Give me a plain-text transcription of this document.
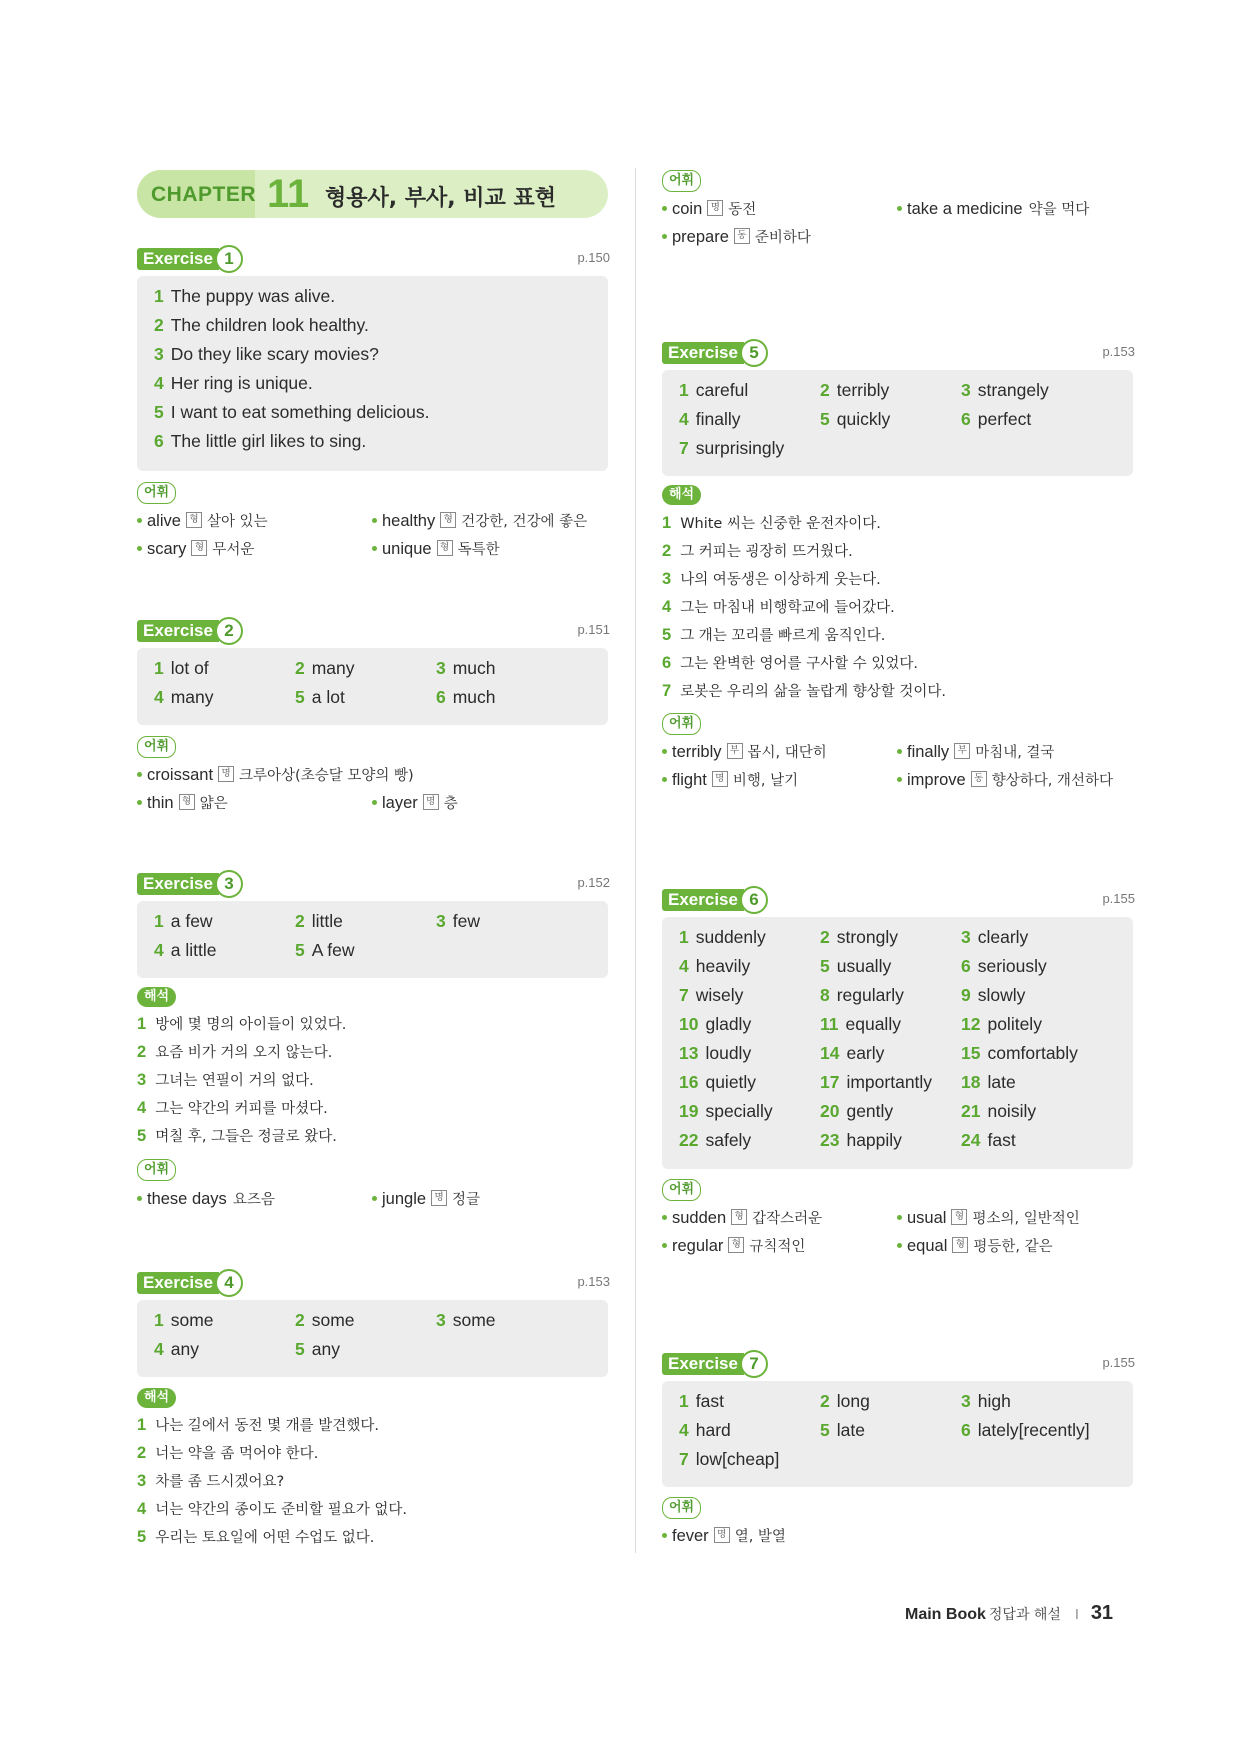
CHAPTER 11 형용사, 부사, 비교 표현
Exercise 1	p.150
1 The puppy was alive.
2 The children look healthy.
3 Do they like scary movies?
4 Her ring is unique.
5 I want to eat something delicious.
6 The little girl likes to sing.
어휘
alive 형 살아 있는	healthy 형 건강한, 건강에 좋은
scary 형 무서운	unique 형 독특한
Exercise 2	p.151
1 lot of	2 many	3 much
4 many	5 a lot	6 much
어휘
croissant 명 크루아상(초승달 모양의 빵)
thin 형 얇은	layer 명 층
Exercise 3	p.152
1 a few	2 little	3 few
4 a little	5 A few
해석
1 방에 몇 명의 아이들이 있었다.
2 요즘 비가 거의 오지 않는다.
3 그녀는 연필이 거의 없다.
4 그는 약간의 커피를 마셨다.
5 며칠 후, 그들은 정글로 왔다.
어휘
these days 요즈음	jungle 명 정글
Exercise 4	p.153
1 some	2 some	3 some
4 any	5 any
해석
1 나는 길에서 동전 몇 개를 발견했다.
2 너는 약을 좀 먹어야 한다.
3 차를 좀 드시겠어요?
4 너는 약간의 종이도 준비할 필요가 없다.
5 우리는 토요일에 어떤 수업도 없다.
어휘
coin 명 동전	take a medicine 약을 먹다
prepare 동 준비하다
Exercise 5	p.153
1 careful	2 terribly	3 strangely
4 finally	5 quickly	6 perfect
7 surprisingly
해석
1 White 씨는 신중한 운전자이다.
2 그 커피는 굉장히 뜨거웠다.
3 나의 여동생은 이상하게 웃는다.
4 그는 마침내 비행학교에 들어갔다.
5 그 개는 꼬리를 빠르게 움직인다.
6 그는 완벽한 영어를 구사할 수 있었다.
7 로봇은 우리의 삶을 놀랍게 향상할 것이다.
어휘
terribly 부 몹시, 대단히	finally 부 마침내, 결국
flight 명 비행, 날기	improve 동 향상하다, 개선하다
Exercise 6	p.155
1 suddenly	2 strongly	3 clearly
4 heavily	5 usually	6 seriously
7 wisely	8 regularly	9 slowly
10 gladly	11 equally	12 politely
13 loudly	14 early	15 comfortably
16 quietly	17 importantly 18 late
19 specially	20 gently	21 noisily
22 safely	23 happily	24 fast
어휘
sudden 형 갑작스러운	usual 형 평소의, 일반적인
regular 형 규칙적인	equal 형 평등한, 같은
Exercise 7	p.155
1 fast	2 long	3 high
4 hard	5 late	6 lately[recently]
7 low[cheap]
어휘
fever 명 열, 발열
Main Book 정답과 해설 I 31
